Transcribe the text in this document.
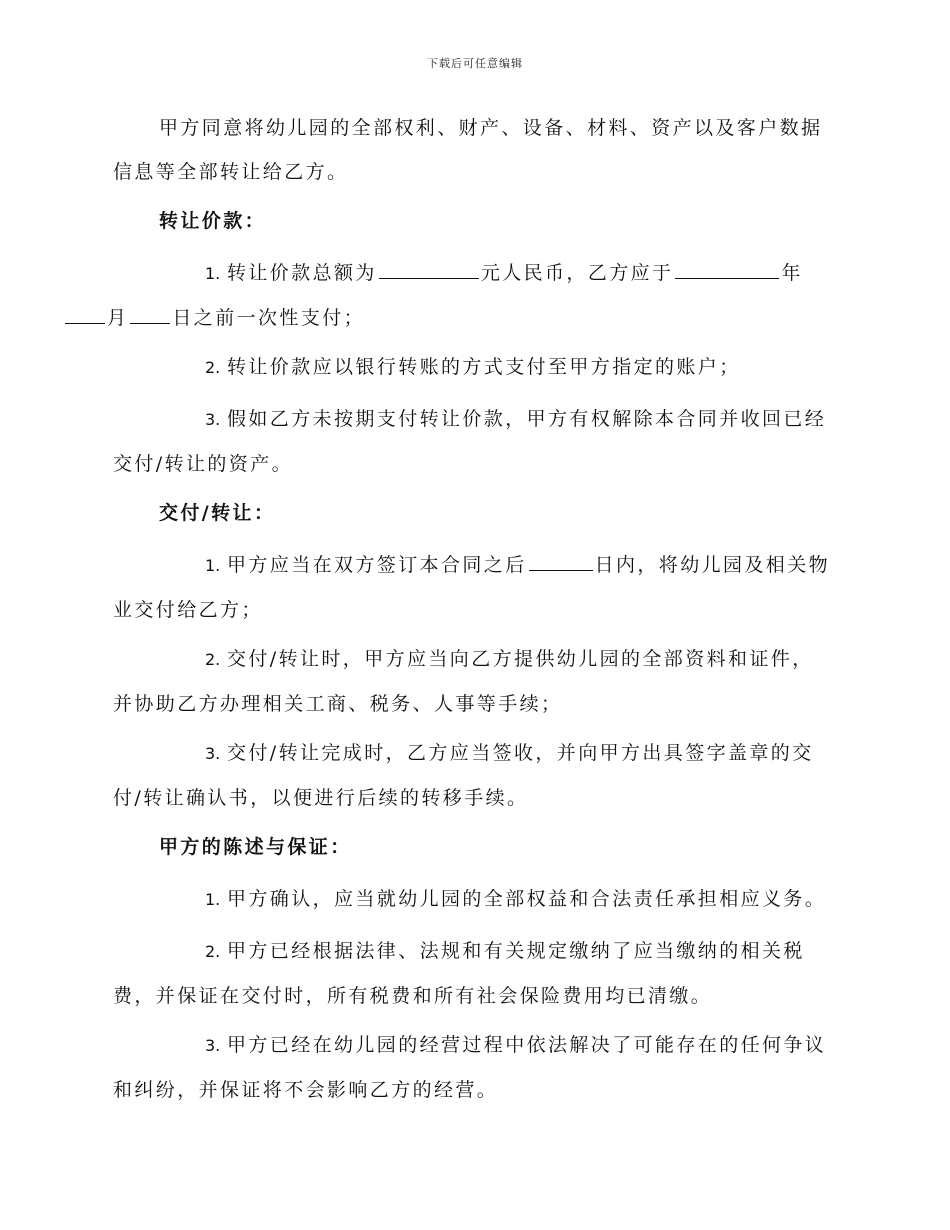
下载后可任意编辑
甲方同意将幼儿园的全部权利、财产、设备、材料、资产以及客户数据信息等全部转让给乙方。
转让价款：
1. 转让价款总额为	元人民币，乙方应于	年
月 日之前一次性支付；
2. 转让价款应以银行转账的方式支付至甲方指定的账户；
3. 假如乙方未按期支付转让价款，甲方有权解除本合同并收回已经交付/转让的资产。
交付/转让：
1. 甲方应当在双方签订本合同之后	日内，将幼儿园及相关物业交付给乙方；
2. 交付/转让时，甲方应当向乙方提供幼儿园的全部资料和证件，并协助乙方办理相关工商、税务、人事等手续；
3. 交付/转让完成时，乙方应当签收，并向甲方出具签字盖章的交付/转让确认书，以便进行后续的转移手续。
甲方的陈述与保证：
1. 甲方确认，应当就幼儿园的全部权益和合法责任承担相应义务。
2. 甲方已经根据法律、法规和有关规定缴纳了应当缴纳的相关税费，并保证在交付时，所有税费和所有社会保险费用均已清缴。
3. 甲方已经在幼儿园的经营过程中依法解决了可能存在的任何争议和纠纷，并保证将不会影响乙方的经营。
